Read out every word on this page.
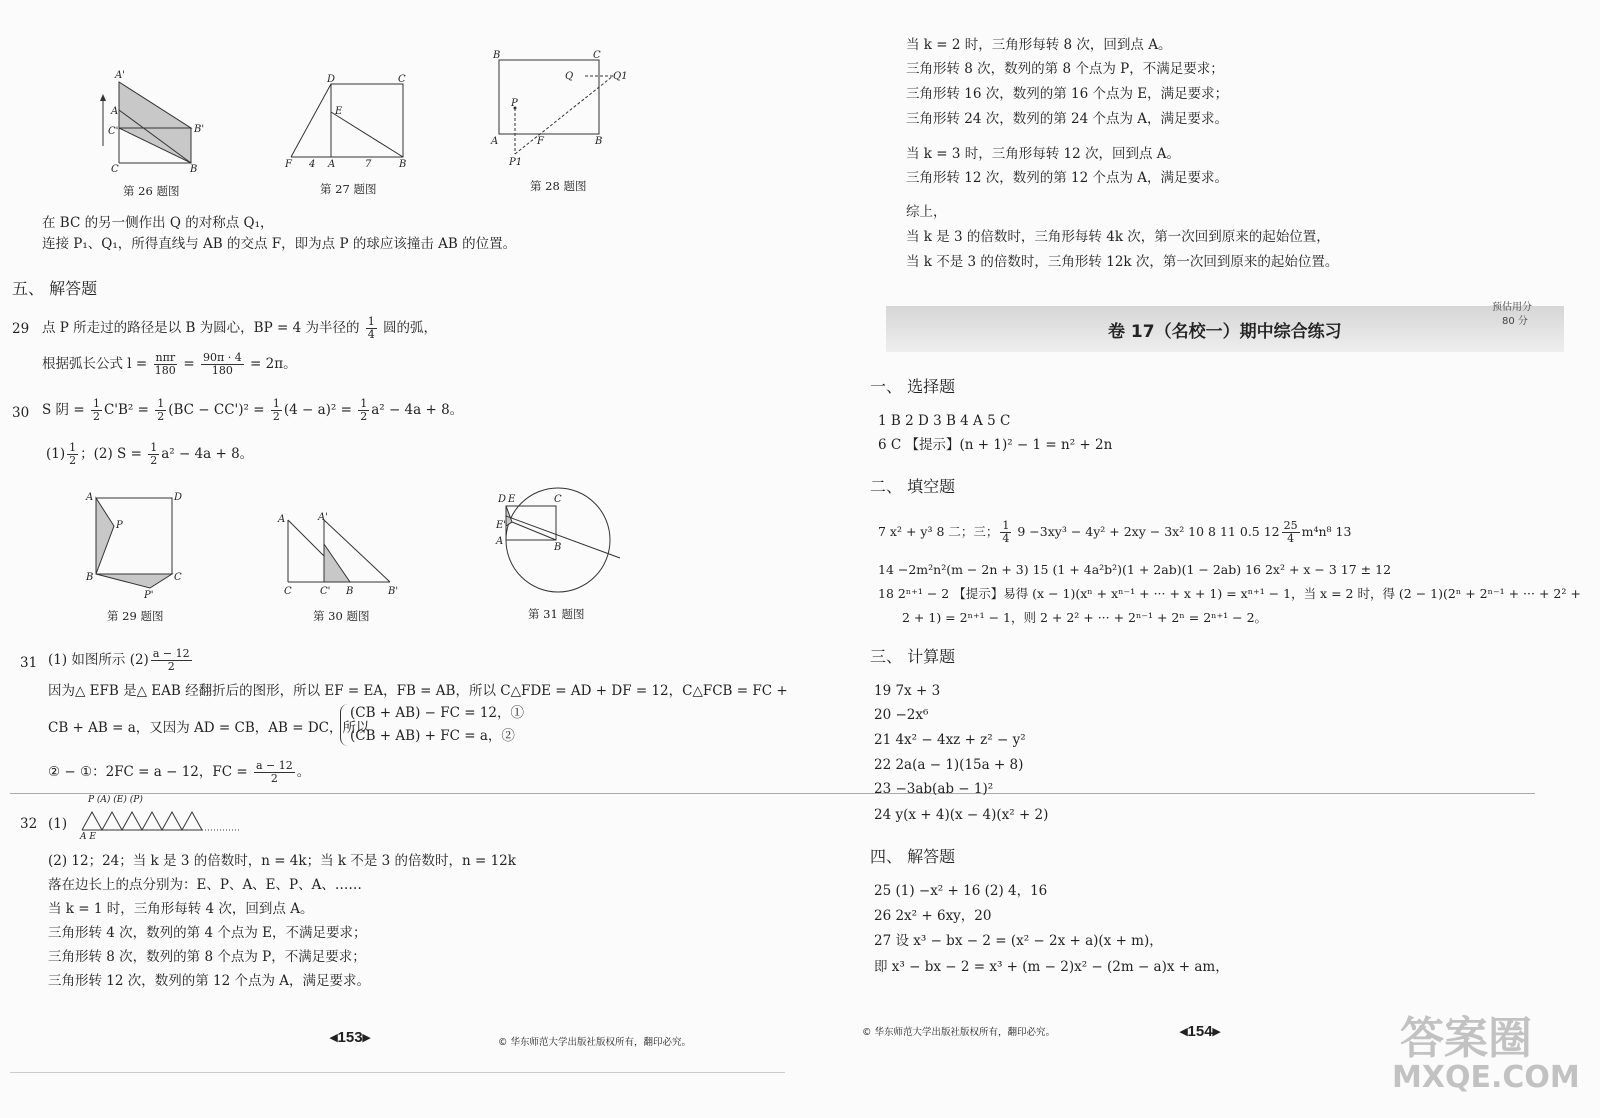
A'
A
C'	B'
C	B
第 26 题图
D	C
E
F 4 A	7	B
第 27 题图
B	C
Q	Q1
P
A	F	B
P1
第 28 题图
在 BC 的另一侧作出 Q 的对称点 Q₁，
连接 P₁、Q₁，所得直线与 AB 的交点 F，即为点 P 的球应该撞击 AB 的位置。
五、 解答题
29 点 P 所走过的路径是以 B 为圆心，BP = 4 为半径的 $\frac{1}{4}$ 圆的弧，
根据弧长公式 l = nπr
$180 = \frac{90\pi \cdot 4}{180} = 2\pi$。
30 S 阴 = $\frac{1}{2} C'B^2 = \frac{1}{2} (BC - CC')^2 = \frac{1}{2} (4 - a)^2 = \frac{1}{2} a^2 - 4a + 8$。
$(1) \frac{1}{2}$ ；(2) $S = \frac{1}{2} a^2 - 4a + 8$。
A	D
P
B	C
P'
第 29 题图
A	A'
C	C' B	B'
第 30 题图
D E	C
E'
A
B
第 31 题图
31 (1) 如图所示 $(2) \frac{a - 12}{2}$
因为△ EFB 是△ EAB 经翻折后的图形，所以 EF = EA，FB = AB，所以 C△FDE = AD + DF = 12，C△FCB = FC +
CB + AB = a，又因为 AD = CB，AB = DC，所以
(CB + AB) − FC = 12，①
(CB + AB) + FC = a，②
② − ①：2FC = a − 12，FC = $\frac{a - 12}{2}$ 。
32 (1)
P (A) (E) (P)
A E
(2) 12；24；当 k 是 3 的倍数时，n = 4k；当 k 不是 3 的倍数时，n = 12k
落在边长上的点分别为：E、P、A、E、P、A、……
当 k = 1 时，三角形每转 4 次，回到点 A。
三角形转 4 次，数列的第 4 个点为 E，不满足要求；
三角形转 8 次，数列的第 8 个点为 P，不满足要求；
三角形转 12 次，数列的第 12 个点为 A，满足要求。
◂153▸	© 华东师范大学出版社版权所有，翻印必究。
当 k = 2 时，三角形每转 8 次，回到点 A。
三角形转 8 次，数列的第 8 个点为 P，不满足要求；
三角形转 16 次，数列的第 16 个点为 E，满足要求；
三角形转 24 次，数列的第 24 个点为 A，满足要求。
当 k = 3 时，三角形每转 12 次，回到点 A。
三角形转 12 次，数列的第 12 个点为 A，满足要求。
综上，
当 k 是 3 的倍数时，三角形每转 4k 次，第一次回到原来的起始位置，
当 k 不是 3 的倍数时，三角形转 12k 次，第一次回到原来的起始位置。
卷 17（名校一）期中综合练习
预估用分
80 分
一、 选择题
1 B 2 D 3 B 4 A 5 C
6 C 【提示】(n + 1)² − 1 = n² + 2n
二、 填空题
7 x² + y³ 8 二；三； $\frac{1}{4} 9 -3xy^3 - 4y^2 + 2xy - 3x^2$ 10 8 11 0.5 $12 \frac{25}{4} m^4n^8$ 13
14 −2m²n²(m − 2n + 3) 15 (1 + 4a²b²)(1 + 2ab)(1 − 2ab) 16 2x² + x − 3 17 ± 12
18 2ⁿ⁺¹ − 2 【提示】易得 (x − 1)(xⁿ + xⁿ⁻¹ + ··· + x + 1) = xⁿ⁺¹ − 1，当 x = 2 时，得 (2 − 1)(2ⁿ + 2ⁿ⁻¹ + ··· + 2² +
2 + 1) = 2ⁿ⁺¹ − 1，则 2 + 2² + ··· + 2ⁿ⁻¹ + 2ⁿ = 2ⁿ⁺¹ − 2。
三、 计算题
19 7x + 3
20 −2x⁶
21 4x² − 4xz + z² − y²
22 2a(a − 1)(15a + 8)
23 −3ab(ab − 1)²
24 y(x + 4)(x − 4)(x² + 2)
四、 解答题
25 (1) −x² + 16 (2) 4，16
26 2x² + 6xy，20
27 设 x³ − bx − 2 = (x² − 2x + a)(x + m)，
即 x³ − bx − 2 = x³ + (m − 2)x² − (2m − a)x + am，
© 华东师范大学出版社版权所有，翻印必究。	◂154▸	答案圈
MXQE.COM
